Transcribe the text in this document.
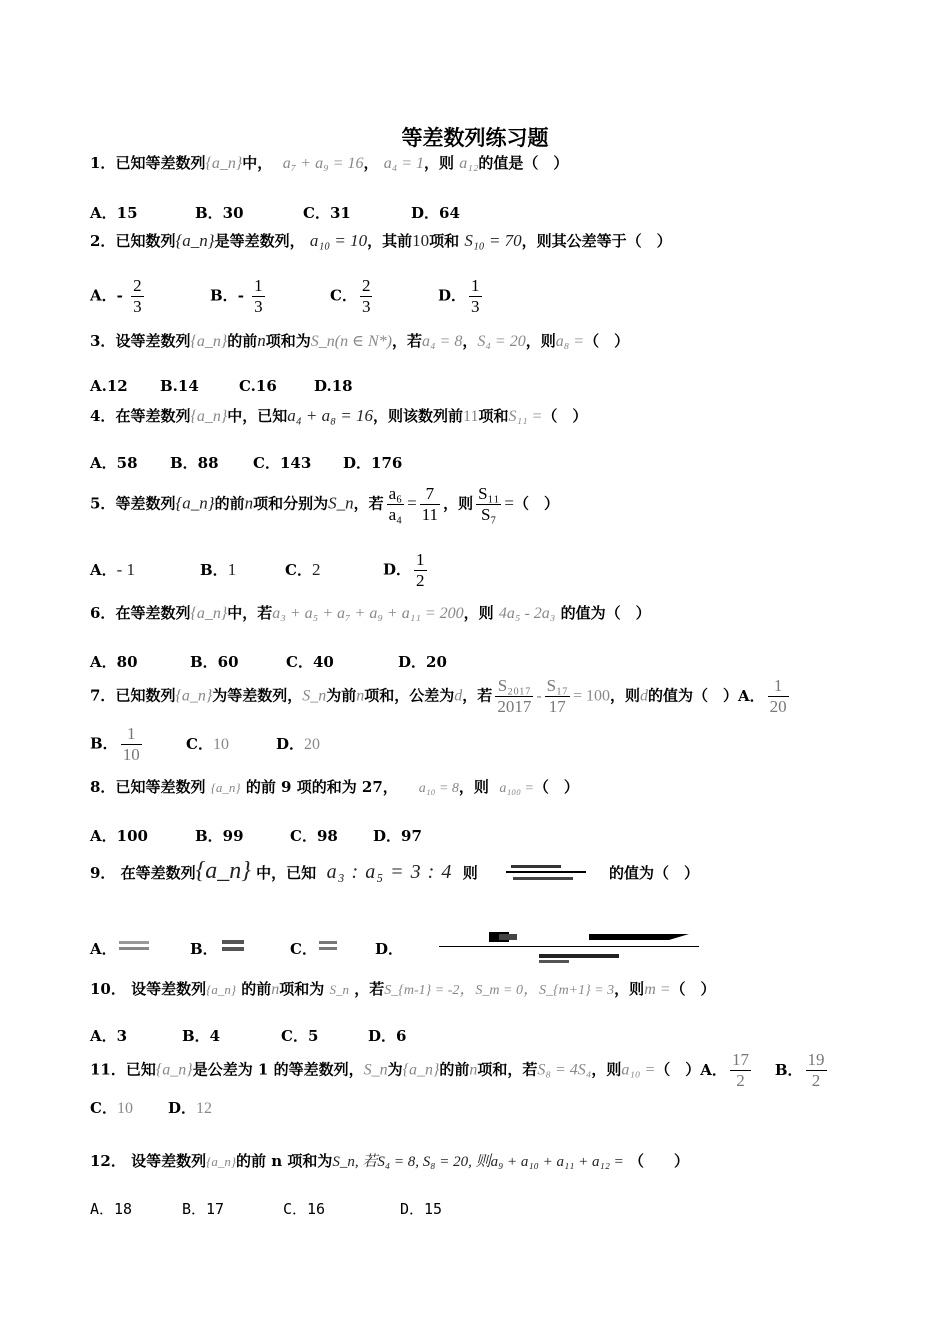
等差数列练习题
1．已知等差数列{a_n}中， a₇ + a₉ = 16， a₄ = 1，则 a₁₂的值是（　）
A．15	B．30	C．31	D．64
2．已知数列{a_n}是等差数列， a₁₀ = 10，其前10项和 S₁₀ = 70，则其公差等于（　）
A．- $\frac{2}{3}$	B．- $\frac{1}{3}$	C． $\frac{2}{3}$	D． $\frac{1}{3}$
3．设等差数列{a_n}的前n项和为S_n(n ∈ N*)，若a₄ = 8，S₄ = 20，则a₈ =（　）
A.12 B.14	C.16 D.18
4．在等差数列{a_n}中，已知a₄ + a₈ = 16，则该数列前11项和S₁₁ =（　）
A．58 B．88 C．143 D．176
5．等差数列{a_n}的前n项和分别为S_n，若 $\frac{\text{a₆}}{\text{a₄}} = \frac{7}{11}$ ，则 $\frac{\text{S₁₁}}{\text{S₇}}$ =（　）
A．- 1	B．1	C．2	D． $\frac{1}{2}$
6．在等差数列{a_n}中，若a₃ + a₅ + a₇ + a₉ + a₁₁ = 200，则 4a₅ - 2a₃ 的值为（　）
A．80	B．60	C．40	D．20
7．已知数列{a_n}为等差数列，S_n为前n项和，公差为d，若 $\frac{\text{S₂₀₁₇}}{2017} - \frac{\text{S₁₇}}{17} = 100$，则d的值为（　）A． $\frac{1}{20}$
B． $\frac{1}{10}$	C．10	D．20
8．已知等差数列 {a_n} 的前 9 项的和为 27， a₁₀ = 8，则 a₁₀₀ =（　）
A．100	B．99	C．98 D．97
9． 在等差数列{a_n} 中，已知 a₃ : a₅ = 3 : 4 则	的值为（　）
A．	B．	C．	D．
10． 设等差数列{a_n} 的前n项和为 S_n ，若S_{m-1} = -2，S_m = 0，S_{m+1} = 3，则m =（　）
A．3	B．4	C．5	D．6
11．已知{a_n}是公差为 1 的等差数列，S_n为{a_n}的前n项和，若S₈ = 4S₄，则a₁₀ =（　）A． $\frac{17}{2}$ B． $\frac{19}{2}$
C．10 D．12
12． 设等差数列{a_n}的前 n 项和为S_n, 若S₄ = 8, S₈ = 20, 则a₉ + a₁₀ + a₁₁ + a₁₂ = （　　）
A．18	B．17	C．16	D．15
